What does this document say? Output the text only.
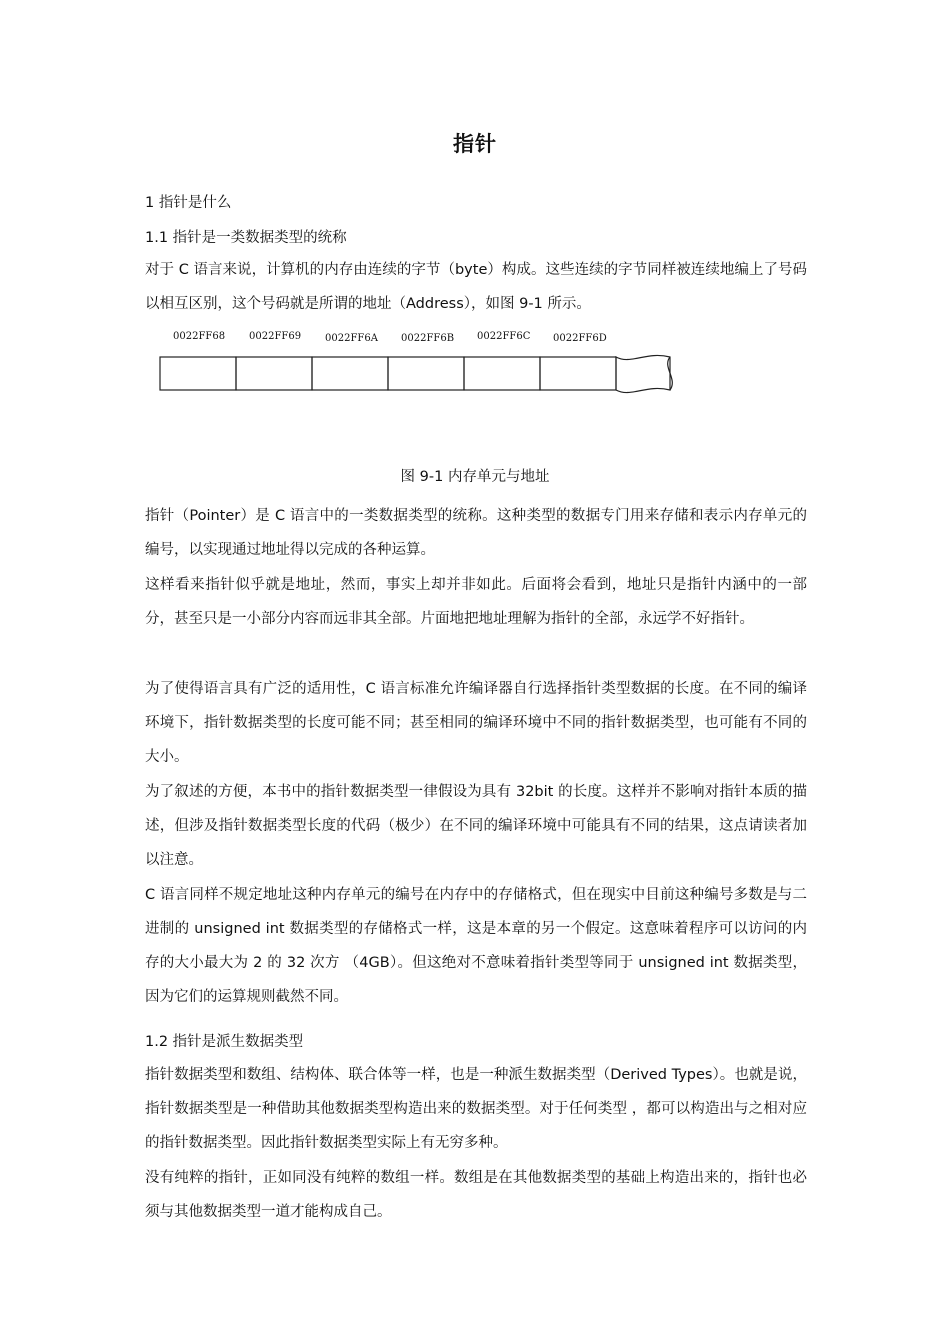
指针
1 指针是什么
1.1 指针是一类数据类型的统称

对于 C 语言来说，计算机的内存由连续的字节（byte）构成。这些连续的字节同样被连续地编上了号码以相互区别，这个号码就是所谓的地址（Address），如图 9-1 所示。

0022FF68 0022FF69 0022FF6A 0022FF6B 0022FF6C 0022FF6D
图 9-1 内存单元与地址

指针（Pointer）是 C 语言中的一类数据类型的统称。这种类型的数据专门用来存储和表示内存单元的编号，以实现通过地址得以完成的各种运算。

这样看来指针似乎就是地址，然而，事实上却并非如此。后面将会看到，地址只是指针内涵中的一部分，甚至只是一小部分内容而远非其全部。片面地把地址理解为指针的全部，永远学不好指针。

为了使得语言具有广泛的适用性，C 语言标准允许编译器自行选择指针类型数据的长度。在不同的编译环境下，指针数据类型的长度可能不同；甚至相同的编译环境中不同的指针数据类型，也可能有不同的大小。

为了叙述的方便，本书中的指针数据类型一律假设为具有 32bit 的长度。这样并不影响对指针本质的描述，但涉及指针数据类型长度的代码（极少）在不同的编译环境中可能具有不同的结果，这点请读者加以注意。

C 语言同样不规定地址这种内存单元的编号在内存中的存储格式，但在现实中目前这种编号多数是与二进制的 unsigned int 数据类型的存储格式一样，这是本章的另一个假定。这意味着程序可以访问的内存的大小最大为 2 的 32 次方 （4GB）。但这绝对不意味着指针类型等同于 unsigned int 数据类型，因为它们的运算规则截然不同。

1.2 指针是派生数据类型

指针数据类型和数组、结构体、联合体等一样，也是一种派生数据类型（Derived Types）。也就是说，指针数据类型是一种借助其他数据类型构造出来的数据类型。对于任何类型 ，都可以构造出与之相对应的指针数据类型。因此指针数据类型实际上有无穷多种。

没有纯粹的指针，正如同没有纯粹的数组一样。数组是在其他数据类型的基础上构造出来的，指针也必须与其他数据类型一道才能构成自己。
